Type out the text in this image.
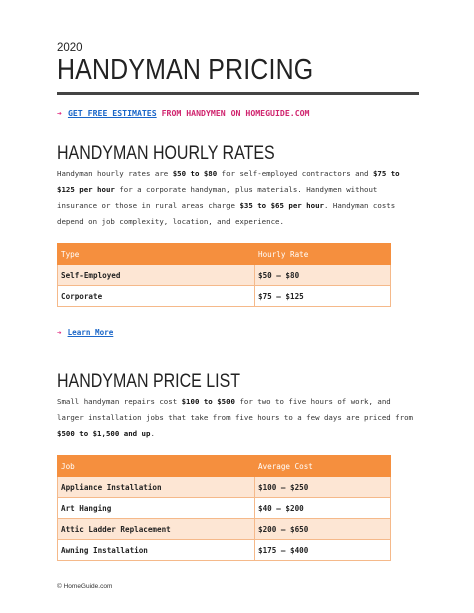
2020
HANDYMAN PRICING
➔ GET FREE ESTIMATES FROM HANDYMEN ON HOMEGUIDE.COM
HANDYMAN HOURLY RATES
Handyman hourly rates are $50 to $80 for self-employed contractors and $75 to $125 per hour for a corporate handyman, plus materials. Handymen without insurance or those in rural areas charge $35 to $65 per hour. Handyman costs depend on job complexity, location, and experience.
Type	Hourly Rate
Self-Employed	$50 – $80
Corporate	$75 – $125
➔ Learn More
HANDYMAN PRICE LIST
Small handyman repairs cost $100 to $500 for two to five hours of work, and larger installation jobs that take from five hours to a few days are priced from $500 to $1,500 and up.
Job	Average Cost
Appliance Installation	$100 – $250
Art Hanging	$40 – $200
Attic Ladder Replacement	$200 – $650
Awning Installation	$175 – $400
© HomeGuide.com
